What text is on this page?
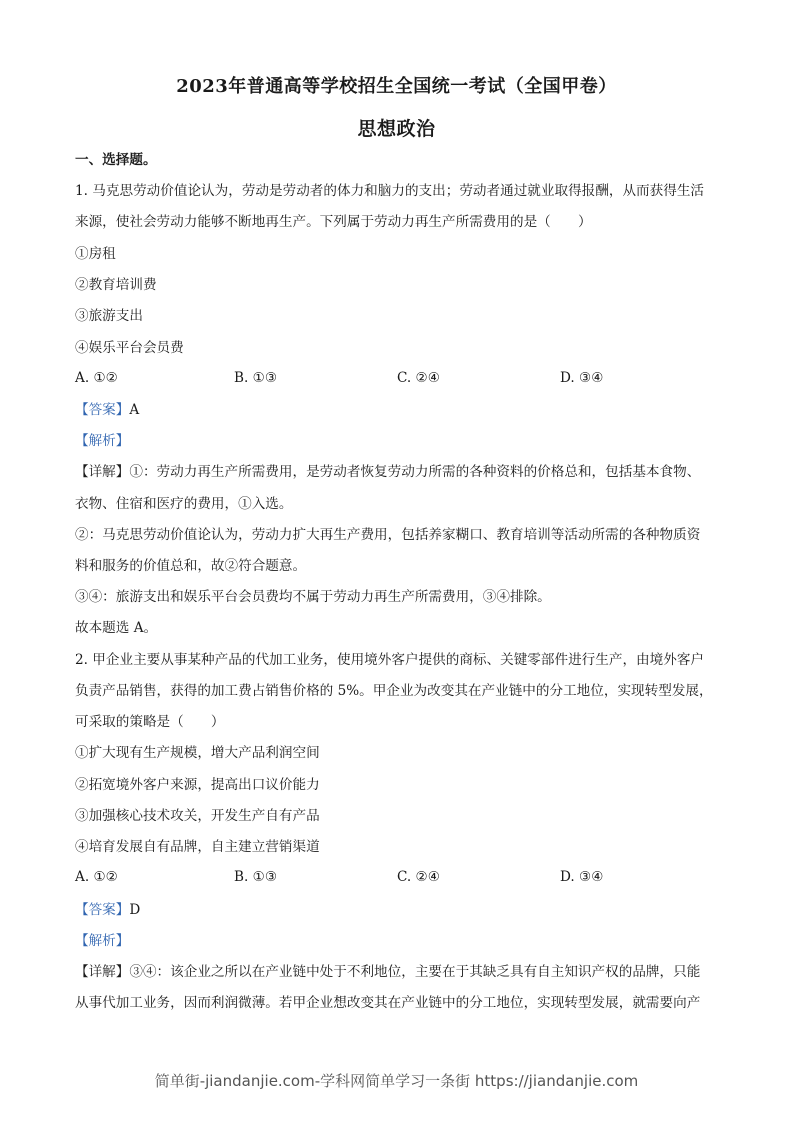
2023年普通高等学校招生全国统一考试（全国甲卷）
思想政治
一、选择题。
1. 马克思劳动价值论认为，劳动是劳动者的体力和脑力的支出；劳动者通过就业取得报酬，从而获得生活
来源，使社会劳动力能够不断地再生产。下列属于劳动力再生产所需费用的是（　　）
①房租
②教育培训费
③旅游支出
④娱乐平台会员费
A. ①②	B. ①③	C. ②④	D. ③④
【答案】A
【解析】
【详解】①：劳动力再生产所需费用，是劳动者恢复劳动力所需的各种资料的价格总和，包括基本食物、
衣物、住宿和医疗的费用，①入选。
②：马克思劳动价值论认为，劳动力扩大再生产费用，包括养家糊口、教育培训等活动所需的各种物质资
料和服务的价值总和，故②符合题意。
③④：旅游支出和娱乐平台会员费均不属于劳动力再生产所需费用，③④排除。
故本题选 A。
2. 甲企业主要从事某种产品的代加工业务，使用境外客户提供的商标、关键零部件进行生产，由境外客户
负责产品销售，获得的加工费占销售价格的 5%。甲企业为改变其在产业链中的分工地位，实现转型发展，
可采取的策略是（　　）
①扩大现有生产规模，增大产品利润空间
②拓宽境外客户来源，提高出口议价能力
③加强核心技术攻关，开发生产自有产品
④培育发展自有品牌，自主建立营销渠道
A. ①②	B. ①③	C. ②④	D. ③④
【答案】D
【解析】
【详解】③④：该企业之所以在产业链中处于不利地位，主要在于其缺乏具有自主知识产权的品牌，只能
从事代加工业务，因而利润微薄。若甲企业想改变其在产业链中的分工地位，实现转型发展，就需要向产
简单街-jiandanjie.com-学科网简单学习一条街 https://jiandanjie.com
